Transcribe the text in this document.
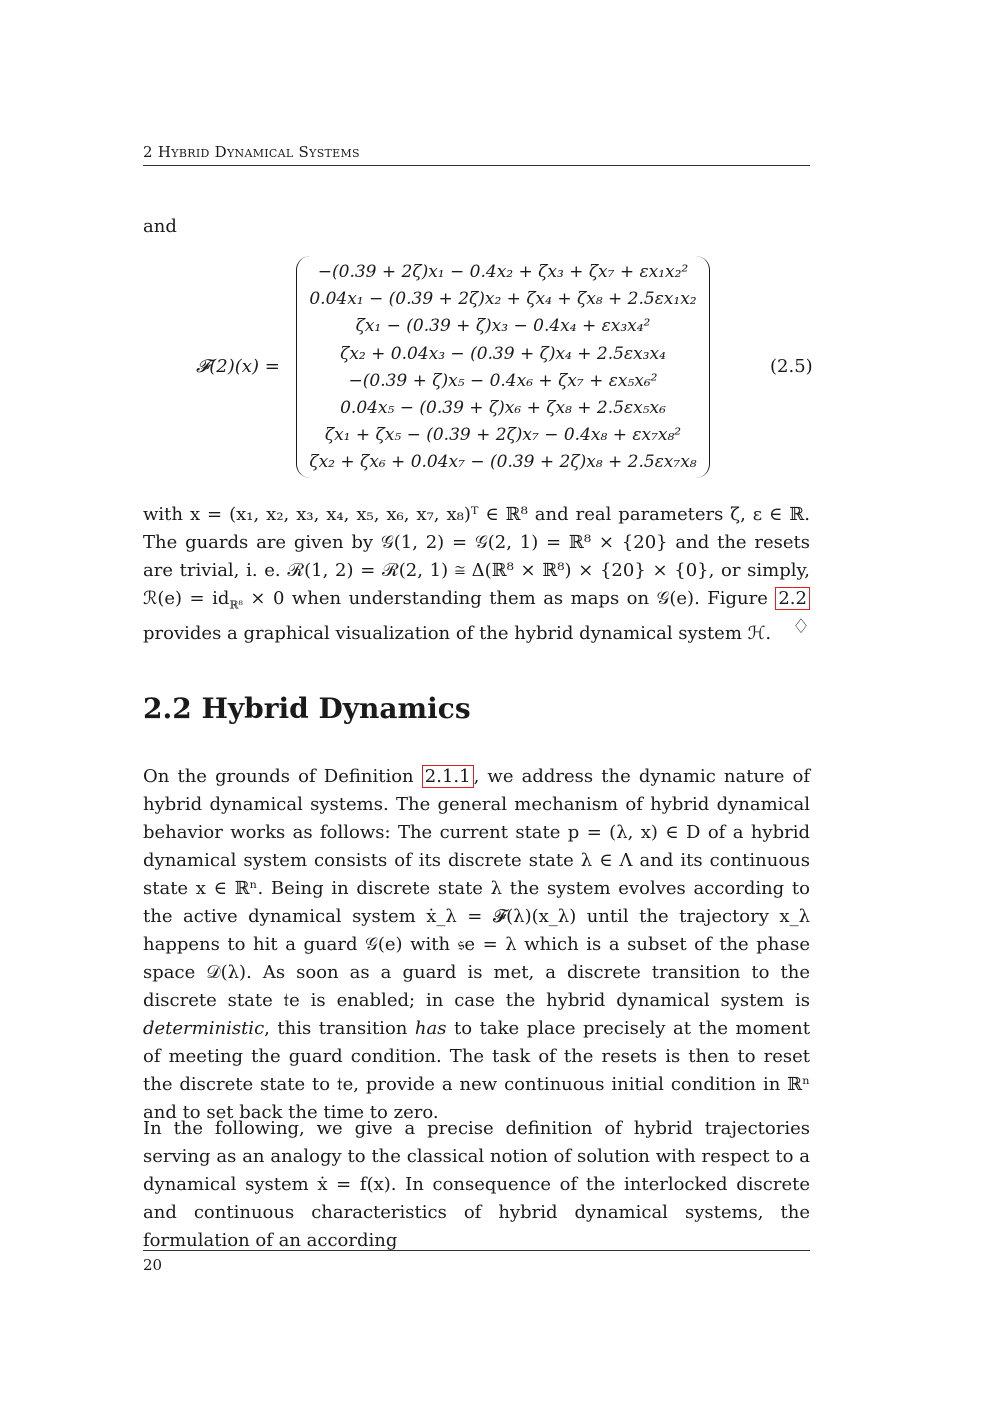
2 Hybrid Dynamical Systems
and
𝓕(2)(x) =
−(0.39 + 2ζ)x₁ − 0.4x₂ + ζx₃ + ζx₇ + εx₁x₂²
0.04x₁ − (0.39 + 2ζ)x₂ + ζx₄ + ζx₈ + 2.5εx₁x₂
ζx₁ − (0.39 + ζ)x₃ − 0.4x₄ + εx₃x₄²
ζx₂ + 0.04x₃ − (0.39 + ζ)x₄ + 2.5εx₃x₄
−(0.39 + ζ)x₅ − 0.4x₆ + ζx₇ + εx₅x₆²
0.04x₅ − (0.39 + ζ)x₆ + ζx₈ + 2.5εx₅x₆
ζx₁ + ζx₅ − (0.39 + 2ζ)x₇ − 0.4x₈ + εx₇x₈²
ζx₂ + ζx₆ + 0.04x₇ − (0.39 + 2ζ)x₈ + 2.5εx₇x₈
(2.5)

with x = (x₁, x₂, x₃, x₄, x₅, x₆, x₇, x₈)ᵀ ∈ ℝ⁸ and real parameters ζ, ε ∈ ℝ. The guards are given by 𝒢(1, 2) = 𝒢(2, 1) = ℝ⁸ × {20} and the resets are trivial, i. e. ℛ(1, 2) = ℛ(2, 1) ≅ Δ(ℝ⁸ × ℝ⁸) × {20} × {0}, or simply, ℛ(e) = $id_{ℝ^8} \times 0$ when understanding them as maps on 𝒢(e). Figure 2.2 provides a graphical visualization of the hybrid dynamical system ℋ.	♢
2.2 Hybrid Dynamics

On the grounds of Definition 2.1.1 , we address the dynamic nature of hybrid dynamical systems. The general mechanism of hybrid dynamical behavior works as follows: The current state p = (λ, x) ∈ D of a hybrid dynamical system consists of its discrete state λ ∈ Λ and its continuous state x ∈ ℝⁿ. Being in discrete state λ the system evolves according to the active dynamical system ẋ_λ = 𝓕(λ)(x_λ) until the trajectory x_λ happens to hit a guard 𝒢(e) with 𝔰e = λ which is a subset of the phase space 𝒟(λ). As soon as a guard is met, a discrete transition to the discrete state 𝔱e is enabled; in case the hybrid dynamical system is deterministic, this transition has to take place precisely at the moment of meeting the guard condition. The task of the resets is then to reset the discrete state to 𝔱e, provide a new continuous initial condition in ℝⁿ and to set back the time to zero.

In the following, we give a precise definition of hybrid trajectories serving as an analogy to the classical notion of solution with respect to a dynamical system ẋ = f(x). In consequence of the interlocked discrete and continuous characteristics of hybrid dynamical systems, the formulation of an according

20
